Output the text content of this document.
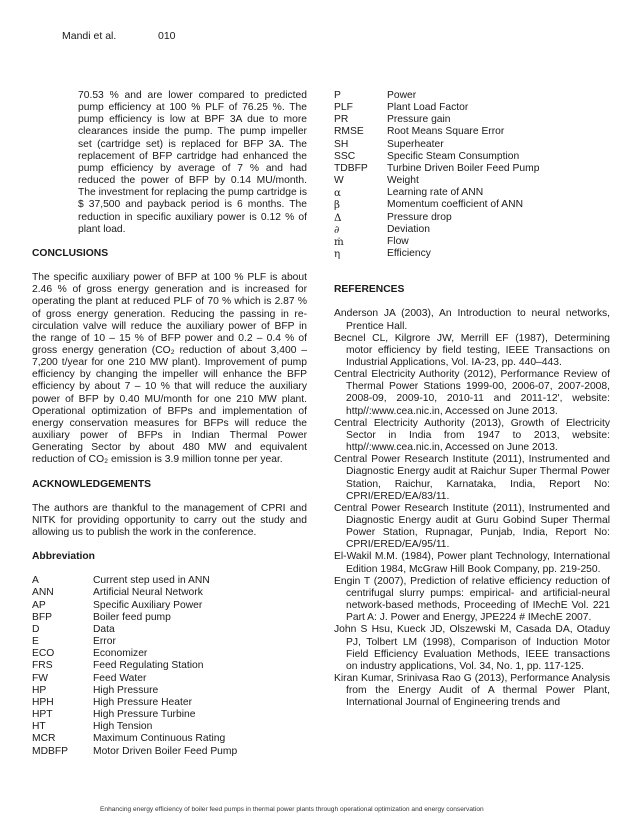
Mandi et al.	010

70.53 % and are lower compared to predicted pump efficiency at 100 % PLF of 76.25 %. The pump efficiency is low at BPF 3A due to more clearances inside the pump. The pump impeller set (cartridge set) is replaced for BFP 3A. The replacement of BFP cartridge had enhanced the pump efficiency by average of 7 % and had reduced the power of BFP by 0.14 MU/month. The investment for replacing the pump cartridge is $ 37,500 and payback period is 6 months. The reduction in specific auxiliary power is 0.12 % of plant load.

CONCLUSIONS

The specific auxiliary power of BFP at 100 % PLF is about 2.46 % of gross energy generation and is increased for operating the plant at reduced PLF of 70 % which is 2.87 % of gross energy generation. Reducing the passing in re-circulation valve will reduce the auxiliary power of BFP in the range of 10 – 15 % of BFP power and 0.2 – 0.4 % of gross energy generation (CO₂ reduction of about 3,400 – 7,200 t/year for one 210 MW plant). Improvement of pump efficiency by changing the impeller will enhance the BFP efficiency by about 7 – 10 % that will reduce the auxiliary power of BFP by 0.40 MU/month for one 210 MW plant. Operational optimization of BFPs and implementation of energy conservation measures for BFPs will reduce the auxiliary power of BFPs in Indian Thermal Power Generating Sector by about 480 MW and equivalent reduction of CO₂ emission is 3.9 million tonne per year.

ACKNOWLEDGEMENTS

The authors are thankful to the management of CPRI and NITK for providing opportunity to carry out the study and allowing us to publish the work in the conference.

Abbreviation

A	Current step used in ANN
ANN	Artificial Neural Network
AP	Specific Auxiliary Power
BFP	Boiler feed pump
D	Data
E	Error
ECO	Economizer
FRS	Feed Regulating Station
FW	Feed Water
HP	High Pressure
HPH	High Pressure Heater
HPT	High Pressure Turbine
HT	High Tension
MCR	Maximum Continuous Rating
MDBFP	Motor Driven Boiler Feed Pump
P	Power
PLF	Plant Load Factor
PR	Pressure gain
RMSE	Root Means Square Error
SH	Superheater
SSC	Specific Steam Consumption
TDBFP	Turbine Driven Boiler Feed Pump
W	Weight
α	Learning rate of ANN
β	Momentum coefficient of ANN
Δ	Pressure drop
∂	Deviation
ṁ	Flow
η	Efficiency

REFERENCES

Anderson JA (2003), An Introduction to neural networks, Prentice Hall.

Becnel CL, Kilgrore JW, Merrill EF (1987), Determining motor efficiency by field testing, IEEE Transactions on Industrial Applications, Vol. IA-23, pp. 440–443.

Central Electricity Authority (2012), Performance Review of Thermal Power Stations 1999-00, 2006-07, 2007-2008, 2008-09, 2009-10, 2010-11 and 2011-12', website: http//:www.cea.nic.in, Accessed on June 2013.

Central Electricity Authority (2013), Growth of Electricity Sector in India from 1947 to 2013, website: http//:www.cea.nic.in, Accessed on June 2013.

Central Power Research Institute (2011), Instrumented and Diagnostic Energy audit at Raichur Super Thermal Power Station, Raichur, Karnataka, India, Report No: CPRI/ERED/EA/83/11.

Central Power Research Institute (2011), Instrumented and Diagnostic Energy audit at Guru Gobind Super Thermal Power Station, Rupnagar, Punjab, India, Report No: CPRI/ERED/EA/95/11.

El-Wakil M.M. (1984), Power plant Technology, International Edition 1984, McGraw Hill Book Company, pp. 219-250.

Engin T (2007), Prediction of relative efficiency reduction of centrifugal slurry pumps: empirical- and artificial-neural network-based methods, Proceeding of IMechE Vol. 221 Part A: J. Power and Energy, JPE224 # IMechE 2007.

John S Hsu, Kueck JD, Olszewski M, Casada DA, Otaduy PJ, Tolbert LM (1998), Comparison of Induction Motor Field Efficiency Evaluation Methods, IEEE transactions on industry applications, Vol. 34, No. 1, pp. 117-125.

Kiran Kumar, Srinivasa Rao G (2013), Performance Analysis from the Energy Audit of A thermal Power Plant, International Journal of Engineering trends and

Enhancing energy efficiency of boiler feed pumps in thermal power plants through operational optimization and energy conservation
